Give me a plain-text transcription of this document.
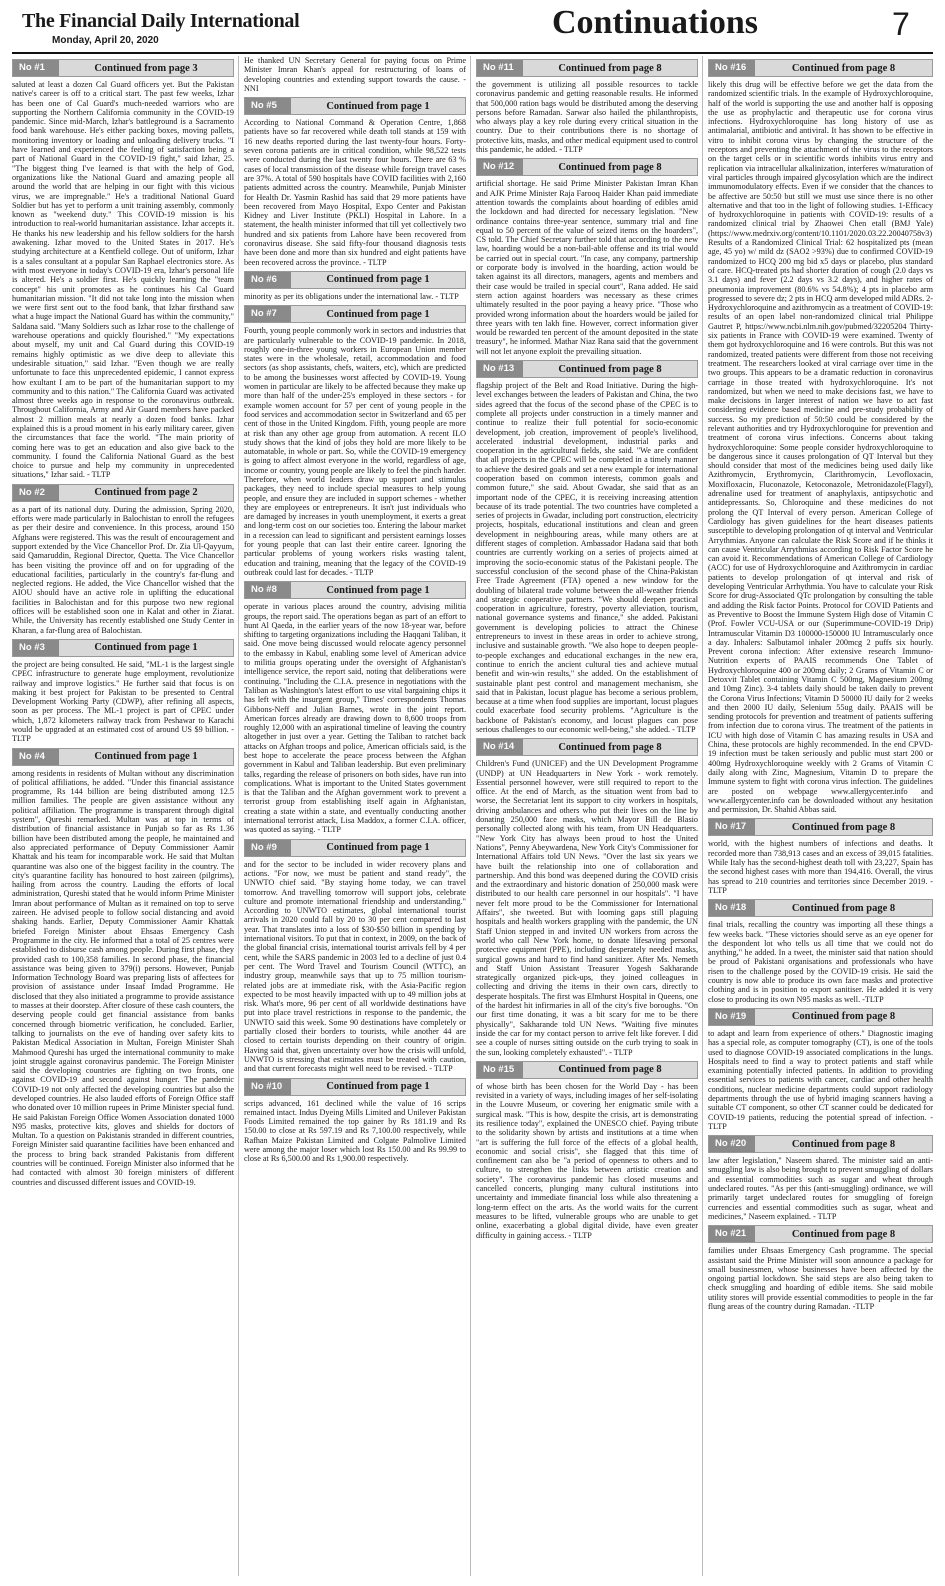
The Financial Daily International
Monday, April 20, 2020	Continuations	7
No #1	Continued from page 3

saluted at least a dozen Cal Guard officers yet. But the Pakistan native's career is off to a critical start. The past few weeks, Izhar has been one of Cal Guard's much-needed warriors who are supporting the Northern California community in the COVID-19 pandemic. Since mid-March, Izhar's battleground is a Sacramento food bank warehouse. He's either packing boxes, moving pallets, monitoring inventory or loading and unloading delivery trucks. "I have learned and experienced the feeling of satisfaction being a part of National Guard in the COVID-19 fight," said Izhar, 25. "The biggest thing I've learned is that with the help of God, organizations like the National Guard and amazing people all around the world that are helping in our fight with this vicious virus, we are impregnable." He's a traditional National Guard Soldier but has yet to perform a unit training assembly, commonly known as "weekend duty." This COVID-19 mission is his introduction to real-world humanitarian assistance. Izhar accepts it. He thanks his new leadership and his fellow soldiers for the harsh awakening. Izhar moved to the United States in 2017. He's studying architecture at a Kentfield college. Out of uniform, Izhar is a sales consultant at a popular San Raphael electronics store. As with most everyone in today's COVID-19 era, Izhar's personal life is altered. He's a soldier first. He's quickly learning the "team concept" his unit promotes as he continues his Cal Guard humanitarian mission. "It did not take long into the mission when we were first sent out to the food bank, that Izhar firsthand saw what a huge impact the National Guard has within the community," Saldana said. "Many Soldiers such as Izhar rose to the challenge of warehouse operations and quickly flourished." "My expectations about myself, my unit and Cal Guard during this COVID-19 remains highly optimistic as we dive deep to alleviate this undesirable situation," said Izhar. "Even though we are really unfortunate to face this unprecedented epidemic, I cannot express how exultant I am to be part of the humanitarian support to my community and to this nation." The California Guard was activated almost three weeks ago in response to the coronavirus outbreak. Throughout California, Army and Air Guard members have packed almost 2 million meals at nearly a dozen food banks. Izhar explained this is a proud moment in his early military career, given the circumstances that face the world. "The main priority of coming here was to get an education and also give back to the community. I found the California National Guard as the best choice to pursue and help my community in unprecedented situations," Izhar said. - TLTP

No #2	Continued from page 2

as a part of its national duty. During the admission, Spring 2020, efforts were made particularly in Balochistan to enroll the refugees as per their desire and convenience. In this process, around 150 Afghans were registered. This was the result of encouragement and support extended by the Vice Chancellor Prof. Dr. Zia Ul-Qayyum, said Qamaruddin, Regional Director, Quetta. The Vice Chancellor has been visiting the province off and on for upgrading of the educational facilities, particularly in the country's far-flung and neglected regions. He added, the Vice Chancellor wished that the AIOU should have an active role in uplifting the educational facilities in Balochistan and for this purpose two new regional offices will be established soon one in Kalat and other in Ziarat. While, the University has recently established one Study Center in Kharan, a far-flung area of Balochistan.

No #3	Continued from page 1

the project are being consulted. He said, "ML-1 is the largest single CPEC infrastructure to generate huge employment, revolutionize railway and improve logistics." He further said that focus is on making it best project for Pakistan to be presented to Central Development Working Party (CDWP), after refining all aspects, soon as per process. The ML-1 project is part of CPEC under which, 1,872 kilometers railway track from Peshawar to Karachi would be upgraded at an estimated cost of around US $9 billion. - TLTP

No #4	Continued from page 1

among residents in residents of Multan without any discrimination of political affiliations, he added. "Under this financial assistance programme, Rs 144 billion are being distributed among 12.5 million families. The people are given assistance without any political affiliation. The programme is transparent through digital system", Qureshi remarked. Multan was at top in terms of distribution of financial assistance in Punjab so far as Rs 1.36 billion have been distributed among the people, he maintained and also appreciated performance of Deputy Commissioner Aamir Khattak and his team for incomparable work. He said that Multan quarantine was also one of the biggest facility in the country. The city's quarantine facility has honoured to host zaireen (pilgrims), hailing from across the country. Lauding the efforts of local administration, Qureshi stated that he would inform Prime Minister Imran about performance of Multan as it remained on top to serve zaireen. He advised people to follow social distancing and avoid shaking hands. Earlier, Deputy Commissioner Aamir Khattak briefed Foreign Minister about Ehsaas Emergency Cash Programme in the city. He informed that a total of 25 centres were established to disburse cash among people. During first phase, they provided cash to 100,358 families. In second phase, the financial assistance was being given to 379(i) persons. However, Punjab Information Technology Board was preparing lists of affectees for provision of assistance under Insaaf Imdad Programme. He disclosed that they also initiated a programme to provide assistance to masses at their doorstep. After closure of these cash counters, the deserving people could get financial assistance from banks concerned through biometric verification, he concluded. Earlier, talking to journalists on the eve of handing over safety kits to Pakistan Medical Association in Multan, Foreign Minister Shah Mahmood Qureshi has urged the international community to make joint struggle against coronavirus pandemic. The Foreign Minister said the developing countries are fighting on two fronts, one against COVID-19 and second against hunger. The pandemic COVID-19 not only affected the developing countries but also the developed countries. He also lauded efforts of Foreign Office staff who donated over 10 million rupees in Prime Minister special fund. He said Pakistan Foreign Office Women Association donated 1000 N95 masks, protective kits, gloves and shields for doctors of Multan. To a question on Pakistanis stranded in different countries, Foreign Minister said quarantine facilities have been enhanced and the process to bring back stranded Pakistanis from different countries will be continued. Foreign Minister also informed that he had contacted with almost 30 foreign ministers of different countries and discussed different issues and COVID-19.

He thanked UN Secretary General for paying focus on Prime Minister Imran Khan's appeal for restructuring of loans of developing countries and extending support towards the cause. -NNI

No #5	Continued from page 1

According to National Command & Operation Centre, 1,868 patients have so far recovered while death toll stands at 159 with 16 new deaths reported during the last twenty-four hours. Forty-seven corona patients are in critical condition, while 98,522 tests were conducted during the last twenty four hours. There are 63 % cases of local transmission of the disease while foreign travel cases are 37%. A total of 590 hospitals have COVID facilities with 2,160 patients admitted across the country. Meanwhile, Punjab Minister for Health Dr. Yasmin Rashid has said that 29 more patients have been recovered from Mayo Hospital, Expo Center and Pakistan Kidney and Liver Institute (PKLI) Hospital in Lahore. In a statement, the health minister informed that till yet collectively two hundred and six patients from Lahore have been recovered from coronavirus disease. She said fifty-four thousand diagnosis tests have been done and more than six hundred and eight patients have been recovered across the province. - TLTP

No #6	Continued from page 1

minority as per its obligations under the international law. - TLTP

No #7	Continued from page 1

Fourth, young people commonly work in sectors and industries that are particularly vulnerable to the COVID-19 pandemic. In 2018, roughly one-in-three young workers in European Union member states were in the wholesale, retail, accommodation and food sectors (as shop assistants, chefs, waiters, etc), which are predicted to be among the businesses worst affected by COVID-19. Young women in particular are likely to be affected because they make up more than half of the under-25's employed in these sectors - for example women account for 57 per cent of young people in the food services and accommodation sector in Switzerland and 65 per cent of those in the United Kingdom. Fifth, young people are more at risk than any other age group from automation. A recent ILO study shows that the kind of jobs they hold are more likely to be automatable, in whole or part. So, while the COVID-19 emergency is going to affect almost everyone in the world, regardless of age, income or country, young people are likely to feel the pinch harder. Therefore, when world leaders draw up support and stimulus packages, they need to include special measures to help young people, and ensure they are included in support schemes - whether they are employees or entrepreneurs. It isn't just individuals who are damaged by increases in youth unemployment, it exerts a great and long-term cost on our societies too. Entering the labour market in a recession can lead to significant and persistent earnings losses for young people that can last their entire career. Ignoring the particular problems of young workers risks wasting talent, education and training, meaning that the legacy of the COVID-19 outbreak could last for decades. - TLTP

No #8	Continued from page 1

operate in various places around the country, advising militia groups, the report said. The operations began as part of an effort to hunt Al Qaeda, in the earlier years of the now 18-year war, before shifting to targeting organizations including the Haqqani Taliban, it said. One move being discussed would relocate agency personnel to the embassy in Kabul, enabling some level of American advice to militia groups operating under the oversight of Afghanistan's intelligence service, the report said, noting that deliberations were continuing. "Including the C.I.A. presence in negotiations with the Taliban as Washington's latest effort to use vital bargaining chips it has left with the insurgent group," Times' correspondents Thomas Gibbons-Neff and Julian Barnes, wrote in the joint report. American forces already are drawing down to 8,600 troops from roughly 12,000 with an aspirational timeline of leaving the country altogether in just over a year. Getting the Taliban to ratchet back attacks on Afghan troops and police, American officials said, is the best hope to accelerate the peace process between the Afghan government in Kabul and Taliban leadership. But even preliminary talks, regarding the release of prisoners on both sides, have run into complications. What is important to the United States government is that the Taliban and the Afghan government work to prevent a terrorist group from establishing itself again in Afghanistan, creating a state within a state, and eventually conducting another international terrorist attack, Lisa Maddox, a former C.I.A. officer, was quoted as saying. - TLTP

No #9	Continued from page 1

and for the sector to be included in wider recovery plans and actions. "For now, we must be patient and stand ready", the UNWTO chief said. "By staying home today, we can travel tomorrow. And travelling tomorrow will support jobs, celebrate culture and promote international friendship and understanding." According to UNWTO estimates, global international tourist arrivals in 2020 could fall by 20 to 30 per cent compared to last year. That translates into a loss of $30-$50 billion in spending by international visitors. To put that in context, in 2009, on the back of the global financial crisis, international tourist arrivals fell by 4 per cent, while the SARS pandemic in 2003 led to a decline of just 0.4 per cent. The Word Travel and Tourism Council (WTTC), an industry group, meanwhile says that up to 75 million tourism-related jobs are at immediate risk, with the Asia-Pacific region expected to be most heavily impacted with up to 49 million jobs at risk. What's more, 96 per cent of all worldwide destinations have put into place travel restrictions in response to the pandemic, the UNWTO said this week. Some 90 destinations have completely or partially closed their borders to tourists, while another 44 are closed to certain tourists depending on their country of origin. Having said that, given uncertainty over how the crisis will unfold, UNWTO is stressing that estimates must be treated with caution, and that current forecasts might well need to be revised. - TLTP

No #10	Continued from page 1

scrips advanced, 161 declined while the value of 16 scrips remained intact. Indus Dyeing Mills Limited and Unilever Pakistan Foods Limited remained the top gainer by Rs 181.19 and Rs 150.00 to close at Rs 597.19 and Rs 7,100.00 respectively, while Rafhan Maize Pakistan Limited and Colgate Palmolive Limited were among the major loser which lost Rs 150.00 and Rs 99.99 to close at Rs 6,500.00 and Rs 1,900.00 respectively.

No #11	Continued from page 8

the government is utilizing all possible resources to tackle coronavirus pandemic and getting reasonable results. He informed that 500,000 ration bags would be distributed among the deserving persons before Ramadan. Sarwar also hailed the philanthropists, who always play a key role during every critical situation in the country. Due to their contributions there is no shortage of protective kits, masks, and other medical equipment used to control this pandemic, he added. - TLTP

No #12	Continued from page 8

artificial shortage. He said Prime Minister Pakistan Imran Khan and AJK Prime Minister Raja Farooq Haider Khan paid immediate attention towards the complaints about hoarding of edibles amid the lockdown and had directed for necessary legislation. "New ordinance contains three-year sentence, summary trial and fine equal to 50 percent of the value of seized items on the hoarders", CS told. The Chief Secretary further told that according to the new law, hoarding would be a non-bail-able offense and its trial would be carried out in special court. "In case, any company, partnership or corporate body is involved in the hoarding, action would be taken against its all directors, managers, agents and members and their case would be trailed in special court", Rana added. He said stern action against hoarders was necessary as these crimes ultimately resulted in the poor paying a heavy price. "Those who provided wrong information about the hoarders would be jailed for three years with ten lakh fine. However, correct information giver would be rewarded ten percent of the amount deposited in the state treasury", he informed. Mathar Niaz Rana said that the government will not let anyone exploit the prevailing situation.

No #13	Continued from page 8

flagship project of the Belt and Road Initiative. During the high-level exchanges between the leaders of Pakistan and China, the two sides agreed that the focus of the second phase of the CPEC is to complete all projects under construction in a timely manner and continue to realize their full potential for socio-economic development, job creation, improvement of people's livelihood, accelerated industrial development, industrial parks and cooperation in the agricultural fields, she said. "We are confident that all projects in the CPEC will be completed in a timely manner to achieve the desired goals and set a new example for international cooperation based on common interests, common goals and common future," she said. About Gwadar, she said that as an important node of the CPEC, it is receiving increasing attention because of its trade potential. The two countries have completed a series of projects in Gwadar, including port construction, electricity projects, hospitals, educational institutions and clean and green development in neighbouring areas, while many others are at different stages of completion. Ambassador Hadana said that both countries are currently working on a series of projects aimed at improving the socio-economic status of the Pakistani people. The successful conclusion of the second phase of the China-Pakistan Free Trade Agreement (FTA) opened a new window for the doubling of bilateral trade volume between the all-weather friends and strategic cooperative partners. "We should deepen practical cooperation in agriculture, forestry, poverty alleviation, tourism, national governance systems and finance," she added. Pakistani government is developing policies to attract the Chinese entrepreneurs to invest in these areas in order to achieve strong, inclusive and sustainable growth. "We also hope to deepen people-to-people exchanges and educational exchanges in the new era, continue to enrich the ancient cultural ties and achieve mutual benefit and win-win results," she added. On the establishment of sustainable plant pest control and management mechanism, she said that in Pakistan, locust plague has become a serious problem, because at a time when food supplies are important, locust plagues could exacerbate food security problems. "Agriculture is the backbone of Pakistan's economy, and locust plagues can pose serious challenges to our economic well-being," she added. - TLTP

No #14	Continued from page 8

Children's Fund (UNICEF) and the UN Development Programme (UNDP) at UN Headquarters in New York - work remotely. Essential personnel however, were still required to report to the office. At the end of March, as the situation went from bad to worse, the Secretariat lent its support to city workers in hospitals, driving ambulances and others who put their lives on the line by donating 250,000 face masks, which Mayor Bill de Blasio personally collected along with his team, from UN Headquarters. "New York City has always been proud to host the United Nations", Penny Abeywardena, New York City's Commissioner for International Affairs told UN News. "Over the last six years we have built the relationship into one of collaboration and partnership. And this bond was deepened during the COVID crisis and the extraordinary and historic donation of 250,000 mask were distributed to our health care personnel in our hospitals". "I have never felt more proud to be the Commissioner for International Affairs", she tweeted. But with looming gaps still plaguing hospitals and health workers grappling with the pandemic, the UN Staff Union stepped in and invited UN workers from across the world who call New York home, to donate lifesaving personal protective equipment (PPE), including desperately needed masks, surgical gowns and hard to find hand sanitizer. After Ms. Nemeth and Staff Union Assistant Treasurer Yogesh Sakharande strategically organized pick-ups, they joined colleagues in collecting and driving the items in their own cars, directly to desperate hospitals. The first was Elmhurst Hospital in Queens, one of the hardest hit infirmaries in all of the city's five boroughs. "On our first time donating, it was a bit scary for me to be there physically", Sakharande told UN News. "Waiting five minutes inside the car for my contact person to arrive felt like forever. I did see a couple of nurses sitting outside on the curb trying to soak in the sun, looking completely exhausted". - TLTP

No #15	Continued from page 8

of whose birth has been chosen for the World Day - has been revisited in a variety of ways, including images of her self-isolating in the Louvre Museum, or covering her enigmatic smile with a surgical mask. "This is how, despite the crisis, art is demonstrating its resilience today", explained the UNESCO chief. Paying tribute to the solidarity shown by artists and institutions at a time when "art is suffering the full force of the effects of a global health, economic and social crisis", she flagged that this time of confinement can also be "a period of openness to others and to culture, to strengthen the links between artistic creation and society". The coronavirus pandemic has closed museums and cancelled concerts, plunging many cultural institutions into uncertainty and immediate financial loss while also threatening a long-term effect on the arts. As the world waits for the current measures to be lifted, vulnerable groups who are unable to get online, exacerbating a global digital divide, have even greater difficulty in gaining access. - TLTP

No #16	Continued from page 8

likely this drug will be effective before we get the data from the randomized scientific trials. In the example of Hydroxychloroquine, half of the world is supporting the use and another half is opposing the use as prophylactic and therapeutic use for corona virus infections. Hydroxychloroquine has long history of use as antimalarial, antibiotic and antiviral. It has shown to be effective in vitro to inhibit corona virus by changing the structure of the receptors and preventing the attachment of the virus to the receptors on the target cells or in scientific words inhibits virus entry and replication via intracellular alkalinization, interferes w/maturation of viral particles through impaired glycosylation which are the indirect immunomodulatory effects. Even if we consider that the chances to be affective are 50:50 but still we must use since there is no other alternative and that too in the light of following studies. 1-Efficacy of hydroxychloroquine in patients with COVID-19: results of a randomized clinical trial by Zhaowei Chen etall (BMJ Yale) (https://www.medrxiv.org/content/10.1101/2020.03.22.20040758v3) Results of a Randomized Clinical Trial: 62 hospitalized pts (mean age, 45 yo) w/ mild dz (SAO2 >93%) due to confirmed COVID-19 randomized to HCQ 200 mg bid x5 days or placebo, plus standard of care. HCQ-treated pts had shorter duration of cough (2.0 days vs 3.1 days) and fever (2.2 days vs 3.2 days), and higher rates of pneumonia improvement (80.6% vs 54.8%); 4 pts in placebo arm progressed to severe dz; 2 pts in HCQ arm developed mild ADRs. 2-Hydroxychloroquine and azithromycin as a treatment of COVID-19: results of an open label non-randomized clinical trial Philippe Gautret P, https://www.ncbi.nlm.nih.gov/pubmed/32205204 Thirty-six patients in France with COVID-19 were examined. Twenty of them got hydroxychloroquine and 16 were controls. But this was not randomized, treated patients were different from those not receiving treatment. The researchers looked at viral carriage over time in the two groups. This appears to be a dramatic reduction in coronavirus carriage in those treated with hydroxychloroquine. It's not randomized, but when we need to make decisions fast, we have to make decisions in larger interest of nation we have to act fast considering evidence based medicine and pre-study probability of success. So my prediction of 50:50 could be considered by the relevant authorities and try Hydroxychloroquine for prevention and treatment of corona virus infections. Concerns about taking hydroxychloroquine: Some people consider hydroxychloroquine to be dangerous since it causes prolongation of QT Interval but they should consider that most of the medicines being used daily like Azithromycin, Erythromycin, Clarithromycin, Levofloxacin, Moxifloxacin, Fluconazole, Ketoconazole, Metronidazole(Flagyl), adrenaline used for treatment of anaphylaxis, antipsychotic and antidepressants. So, Chloroquine and these medicines do not prolong the QT Interval of every person. American College of Cardiology has given guidelines for the heart diseases patients susceptible to developing prolongation of qt interval and Ventricular Arrythmias. Anyone can calculate the Risk Score and if he thinks it can cause Ventricular Arrythmias according to Risk Factor Score he can avoid it. Recommendations of American College of Cardiology (ACC) for use of Hydroxychloroquine and Azithromycin in cardiac patients to develop prolongation of qt interval and risk of developing Ventricular Arrhythmia. You have to calculate your Risk Score for drug-Associated QTc prolongation by consulting the table and adding the Risk factor Points. Protocol for COVID Patients and as Preventive to Boost the Immune System High dose of Vitamin C (Prof. Fowler VCU-USA or our (Superimmune-COVID-19 Drip) Intramuscular Vitamin D3 100000-150000 IU Intramuscularly once a day. Inhalers: Salbutamol inhaler 200mcg 2 puffs six hourly. Prevent corona infection: After extensive research Immuno-Nutrition experts of PAAIS recommends One Tablet of Hydroxychloroquine 400 or 200mg daily; 2 Grams of Vitamin C or Detoxvit Tablet containing Vitamin C 500mg, Magnesium 200mg and 10mg Zinc). 3-4 tablets daily should be taken daily to prevent the Corona Virus Infections; Vitamin D 50000 IU daily for 2 weeks and then 2000 IU daily, Selenium 55ug daily. PAAIS will be sending protocols for prevention and treatment of patients suffering from infection due to corona virus. The treatment of the patients in ICU with high dose of Vitamin C has amazing results in USA and China, these protocols are highly recommended. In the end CPVD-19 infection must be taken seriously and public must start 200 or 400mg Hydroxychloroquine weekly with 2 Grams of Vitamin C daily along with Zinc, Magnesium, Vitamin D to prepare the Immune system to fight with corona virus infection. The guidelines are posted on webpage www.allergycenter.info and www.allergycenter.info can be downloaded without any hesitation and permission, Dr. Shahid Abbas said.

No #17	Continued from page 8

world, with the highest numbers of infections and deaths. It recorded more than 738,913 cases and an excess of 39,015 fatalities. While Italy has the second-highest death toll with 23,227, Spain has the second highest cases with more than 194,416. Overall, the virus has spread to 210 countries and territories since December 2019. -TLTP

No #18	Continued from page 8

final trials, recalling the country was importing all these things a few weeks back. "These victories should serve as an eye opener for the despondent lot who tells us all time that we could not do anything," he added. In a tweet, the minister said that nation should be proud of Pakistani organisations and professionals who have risen to the challenge posed by the COVID-19 crisis. He said the country is now able to produce its own face masks and protective clothing and is in position to export sanitiser. He added it is very close to producing its own N95 masks as well. -TLTP

No #19	Continued from page 8

to adapt and learn from experience of others." Diagnostic imaging has a special role, as computer tomography (CT), is one of the tools used to diagnose COVID-19 associated complications in the lungs. Hospitals need to find a way to protect patients and staff while examining potentially infected patients. In addition to providing essential services to patients with cancer, cardiac and other health conditions, nuclear medicine departments could support radiology departments through the use of hybrid imaging scanners having a suitable CT component, so other CT scanner could be dedicated for COVID-19 patients, reducing the potential spread of infection. -TLTP

No #20	Continued from page 8

law after legislation," Naseem shared. The minister said an anti-smuggling law is also being brought to prevent smuggling of dollars and essential commodities such as sugar and wheat through undeclared routes. "As per this (anti-smuggling) ordinance, we will primarily target undeclared routes for smuggling of foreign currencies and essential commodities such as sugar, wheat and medicines," Naseem explained. - TLTP

No #21	Continued from page 8

families under Ehsaas Emergency Cash programme. The special assistant said the Prime Minister will soon announce a package for small businessmen, whose businesses have been affected by the ongoing partial lockdown. She said steps are also being taken to check smuggling and hoarding of edible items. She said mobile utility stores will provide essential commodities to people in the far flung areas of the country during Ramadan. -TLTP
